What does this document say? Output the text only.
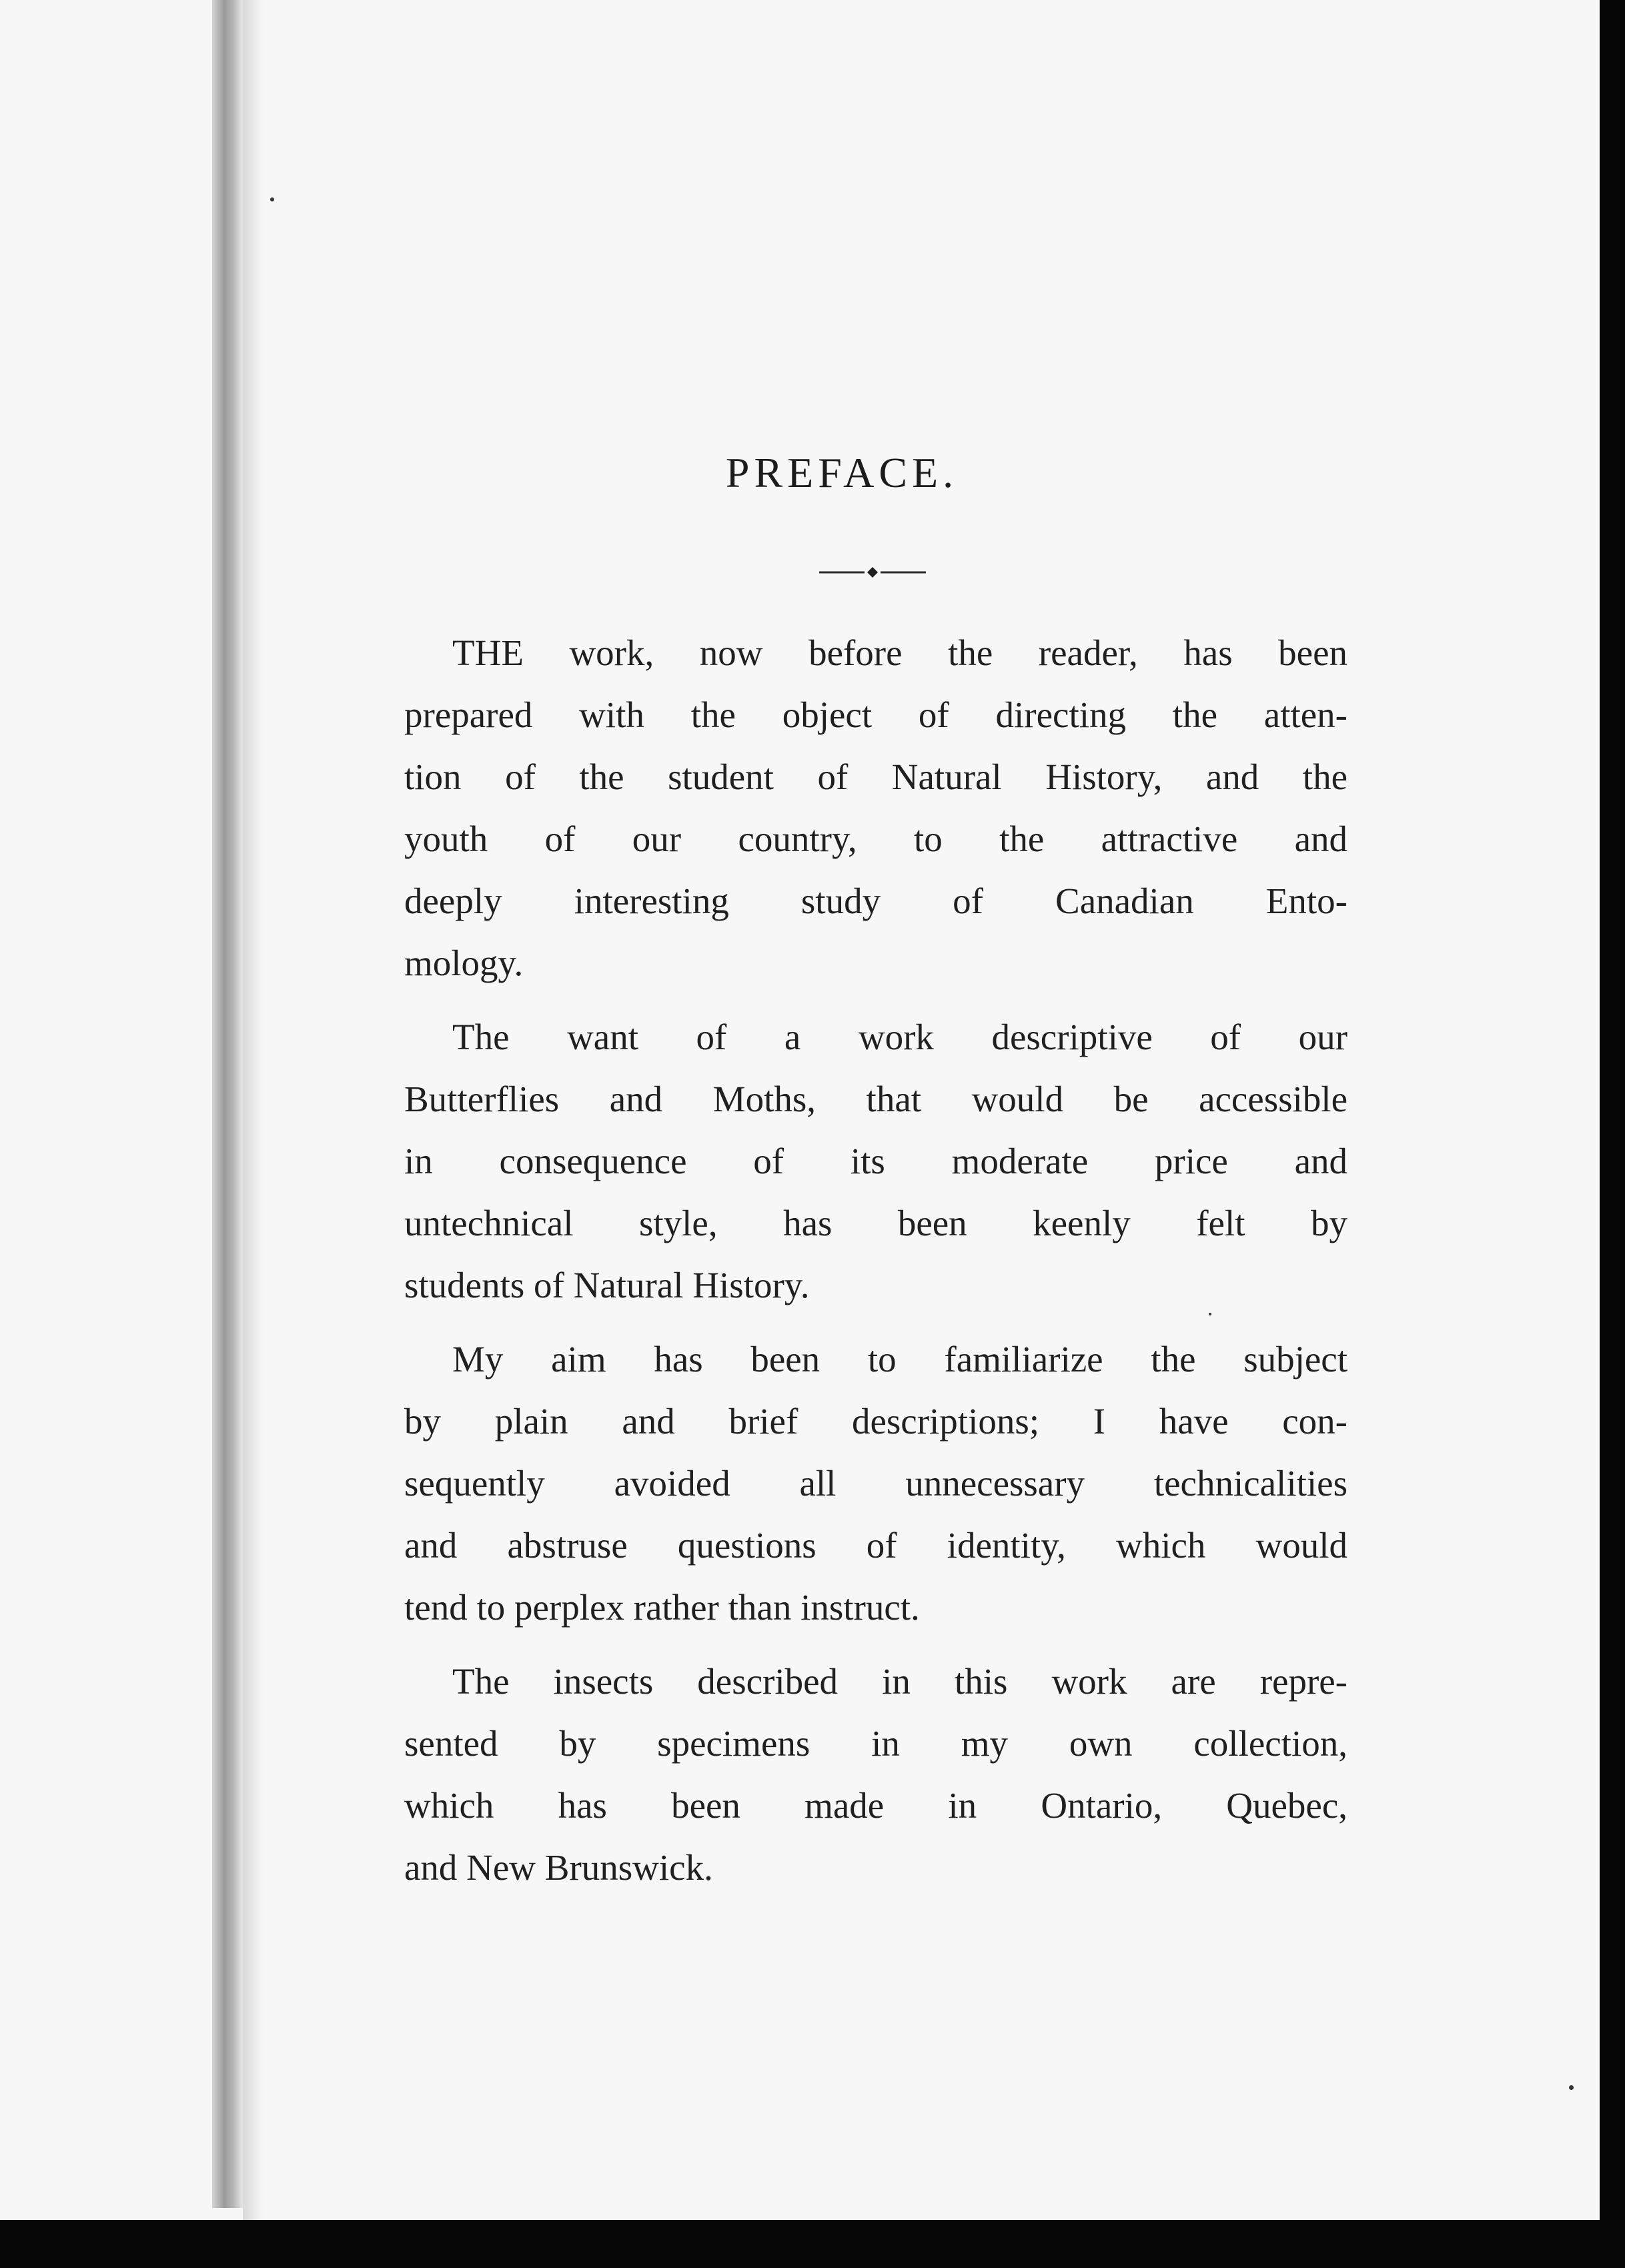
PREFACE.
THE work, now before the reader, has been
prepared with the object of directing the atten-
tion of the student of Natural History, and the
youth of our country, to the attractive and
deeply interesting study of Canadian Ento-
mology.
The want of a work descriptive of our
Butterflies and Moths, that would be accessible
in consequence of its moderate price and
untechnical style, has been keenly felt by
students of Natural History.
My aim has been to familiarize the subject
by plain and brief descriptions; I have con-
sequently avoided all unnecessary technicalities
and abstruse questions of identity, which would
tend to perplex rather than instruct.
The insects described in this work are repre-
sented by specimens in my own collection,
which has been made in Ontario, Quebec,
and New Brunswick.
